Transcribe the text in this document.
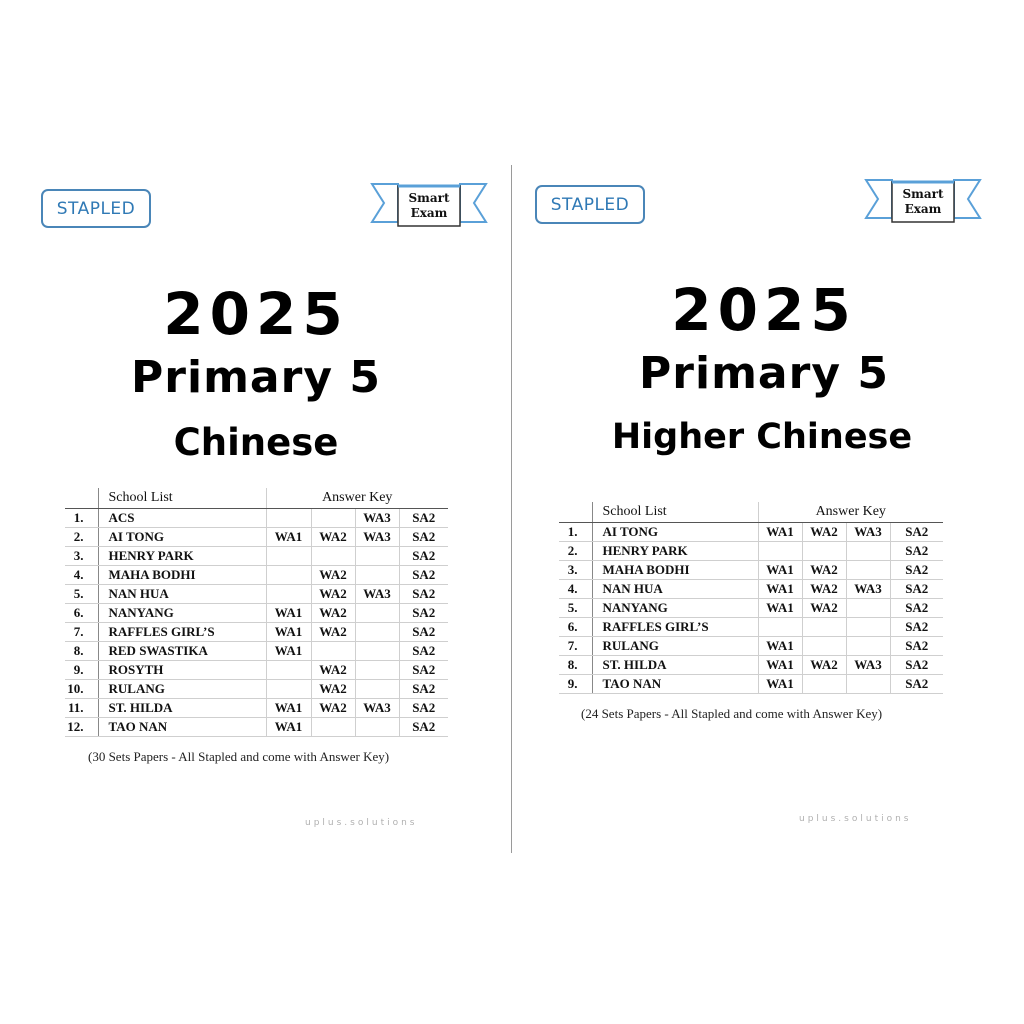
STAPLED
Smart
Exam
2025
Primary 5
Chinese
	School List	Answer Key			
1.	ACS			WA3	SA2
2.	AI TONG	WA1	WA2	WA3	SA2
3.	HENRY PARK				SA2
4.	MAHA BODHI		WA2		SA2
5.	NAN HUA		WA2	WA3	SA2
6.	NANYANG	WA1	WA2		SA2
7.	RAFFLES GIRL’S	WA1	WA2		SA2
8.	RED SWASTIKA	WA1			SA2
9.	ROSYTH		WA2		SA2
10.	RULANG		WA2		SA2
11.	ST. HILDA	WA1	WA2	WA3	SA2
12.	TAO NAN	WA1			SA2
(30 Sets Papers - All Stapled and come with Answer Key)
uplus.solutions
STAPLED
Smart
Exam
2025
Primary 5
Higher Chinese
	School List	Answer Key			
1.	AI TONG	WA1	WA2	WA3	SA2
2.	HENRY PARK				SA2
3.	MAHA BODHI	WA1	WA2		SA2
4.	NAN HUA	WA1	WA2	WA3	SA2
5.	NANYANG	WA1	WA2		SA2
6.	RAFFLES GIRL’S				SA2
7.	RULANG	WA1			SA2
8.	ST. HILDA	WA1	WA2	WA3	SA2
9.	TAO NAN	WA1			SA2
(24 Sets Papers - All Stapled and come with Answer Key)
uplus.solutions
